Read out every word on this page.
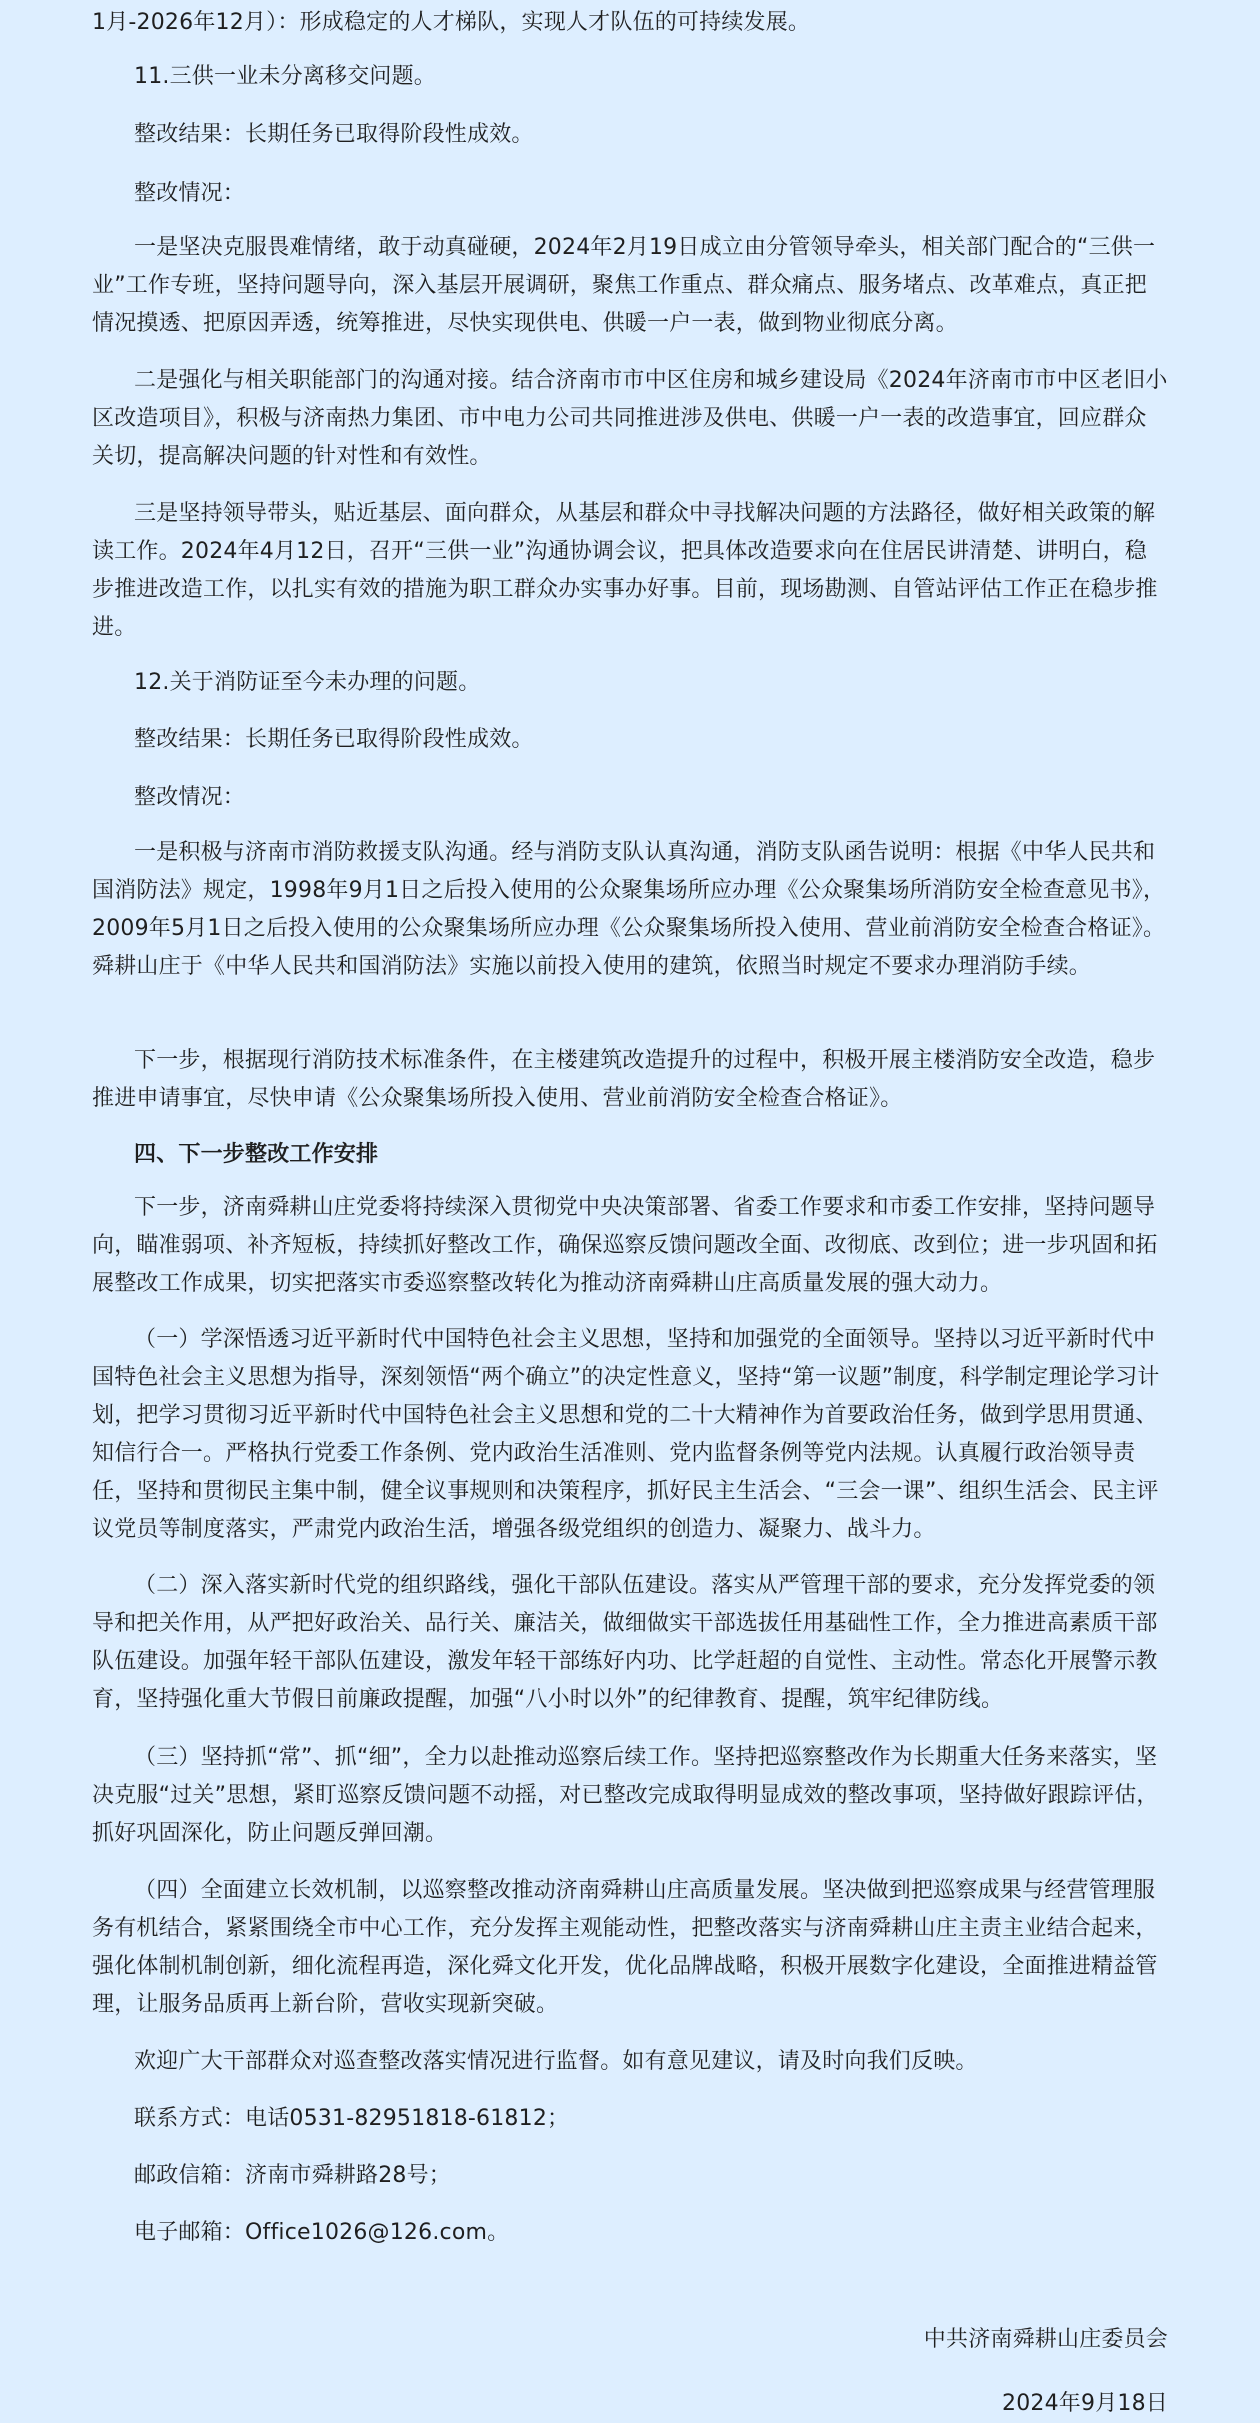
1月-2026年12月）：形成稳定的人才梯队，实现人才队伍的可持续发展。

11.三供一业未分离移交问题。

整改结果：长期任务已取得阶段性成效。

整改情况：

一是坚决克服畏难情绪，敢于动真碰硬，2024年2月19日成立由分管领导牵头，相关部门配合的“三供一业”工作专班，坚持问题导向，深入基层开展调研，聚焦工作重点、群众痛点、服务堵点、改革难点，真正把情况摸透、把原因弄透，统筹推进，尽快实现供电、供暖一户一表，做到物业彻底分离。

二是强化与相关职能部门的沟通对接。结合济南市市中区住房和城乡建设局《2024年济南市市中区老旧小区改造项目》，积极与济南热力集团、市中电力公司共同推进涉及供电、供暖一户一表的改造事宜，回应群众关切，提高解决问题的针对性和有效性。

三是坚持领导带头，贴近基层、面向群众，从基层和群众中寻找解决问题的方法路径，做好相关政策的解读工作。2024年4月12日，召开“三供一业”沟通协调会议，把具体改造要求向在住居民讲清楚、讲明白，稳步推进改造工作，以扎实有效的措施为职工群众办实事办好事。目前，现场勘测、自管站评估工作正在稳步推进。

12.关于消防证至今未办理的问题。

整改结果：长期任务已取得阶段性成效。

整改情况：

一是积极与济南市消防救援支队沟通。经与消防支队认真沟通，消防支队函告说明：根据《中华人民共和国消防法》规定，1998年9月1日之后投入使用的公众聚集场所应办理《公众聚集场所消防安全检查意见书》，2009年5月1日之后投入使用的公众聚集场所应办理《公众聚集场所投入使用、营业前消防安全检查合格证》。舜耕山庄于《中华人民共和国消防法》实施以前投入使用的建筑，依照当时规定不要求办理消防手续。

下一步，根据现行消防技术标准条件，在主楼建筑改造提升的过程中，积极开展主楼消防安全改造，稳步推进申请事宜，尽快申请《公众聚集场所投入使用、营业前消防安全检查合格证》。

四、下一步整改工作安排

下一步，济南舜耕山庄党委将持续深入贯彻党中央决策部署、省委工作要求和市委工作安排，坚持问题导向，瞄准弱项、补齐短板，持续抓好整改工作，确保巡察反馈问题改全面、改彻底、改到位；进一步巩固和拓展整改工作成果，切实把落实市委巡察整改转化为推动济南舜耕山庄高质量发展的强大动力。

（一）学深悟透习近平新时代中国特色社会主义思想，坚持和加强党的全面领导。坚持以习近平新时代中国特色社会主义思想为指导，深刻领悟“两个确立”的决定性意义，坚持“第一议题”制度，科学制定理论学习计划，把学习贯彻习近平新时代中国特色社会主义思想和党的二十大精神作为首要政治任务，做到学思用贯通、知信行合一。严格执行党委工作条例、党内政治生活准则、党内监督条例等党内法规。认真履行政治领导责任，坚持和贯彻民主集中制，健全议事规则和决策程序，抓好民主生活会、“三会一课”、组织生活会、民主评议党员等制度落实，严肃党内政治生活，增强各级党组织的创造力、凝聚力、战斗力。

（二）深入落实新时代党的组织路线，强化干部队伍建设。落实从严管理干部的要求，充分发挥党委的领导和把关作用，从严把好政治关、品行关、廉洁关，做细做实干部选拔任用基础性工作，全力推进高素质干部队伍建设。加强年轻干部队伍建设，激发年轻干部练好内功、比学赶超的自觉性、主动性。常态化开展警示教育，坚持强化重大节假日前廉政提醒，加强“八小时以外”的纪律教育、提醒，筑牢纪律防线。

（三）坚持抓“常”、抓“细”，全力以赴推动巡察后续工作。坚持把巡察整改作为长期重大任务来落实，坚决克服“过关”思想，紧盯巡察反馈问题不动摇，对已整改完成取得明显成效的整改事项，坚持做好跟踪评估，抓好巩固深化，防止问题反弹回潮。

（四）全面建立长效机制，以巡察整改推动济南舜耕山庄高质量发展。坚决做到把巡察成果与经营管理服务有机结合，紧紧围绕全市中心工作，充分发挥主观能动性，把整改落实与济南舜耕山庄主责主业结合起来，强化体制机制创新，细化流程再造，深化舜文化开发，优化品牌战略，积极开展数字化建设，全面推进精益管理，让服务品质再上新台阶，营收实现新突破。

欢迎广大干部群众对巡查整改落实情况进行监督。如有意见建议，请及时向我们反映。

联系方式：电话0531-82951818-61812；

邮政信箱：济南市舜耕路28号；

电子邮箱：Office1026@126.com。

中共济南舜耕山庄委员会

2024年9月18日
